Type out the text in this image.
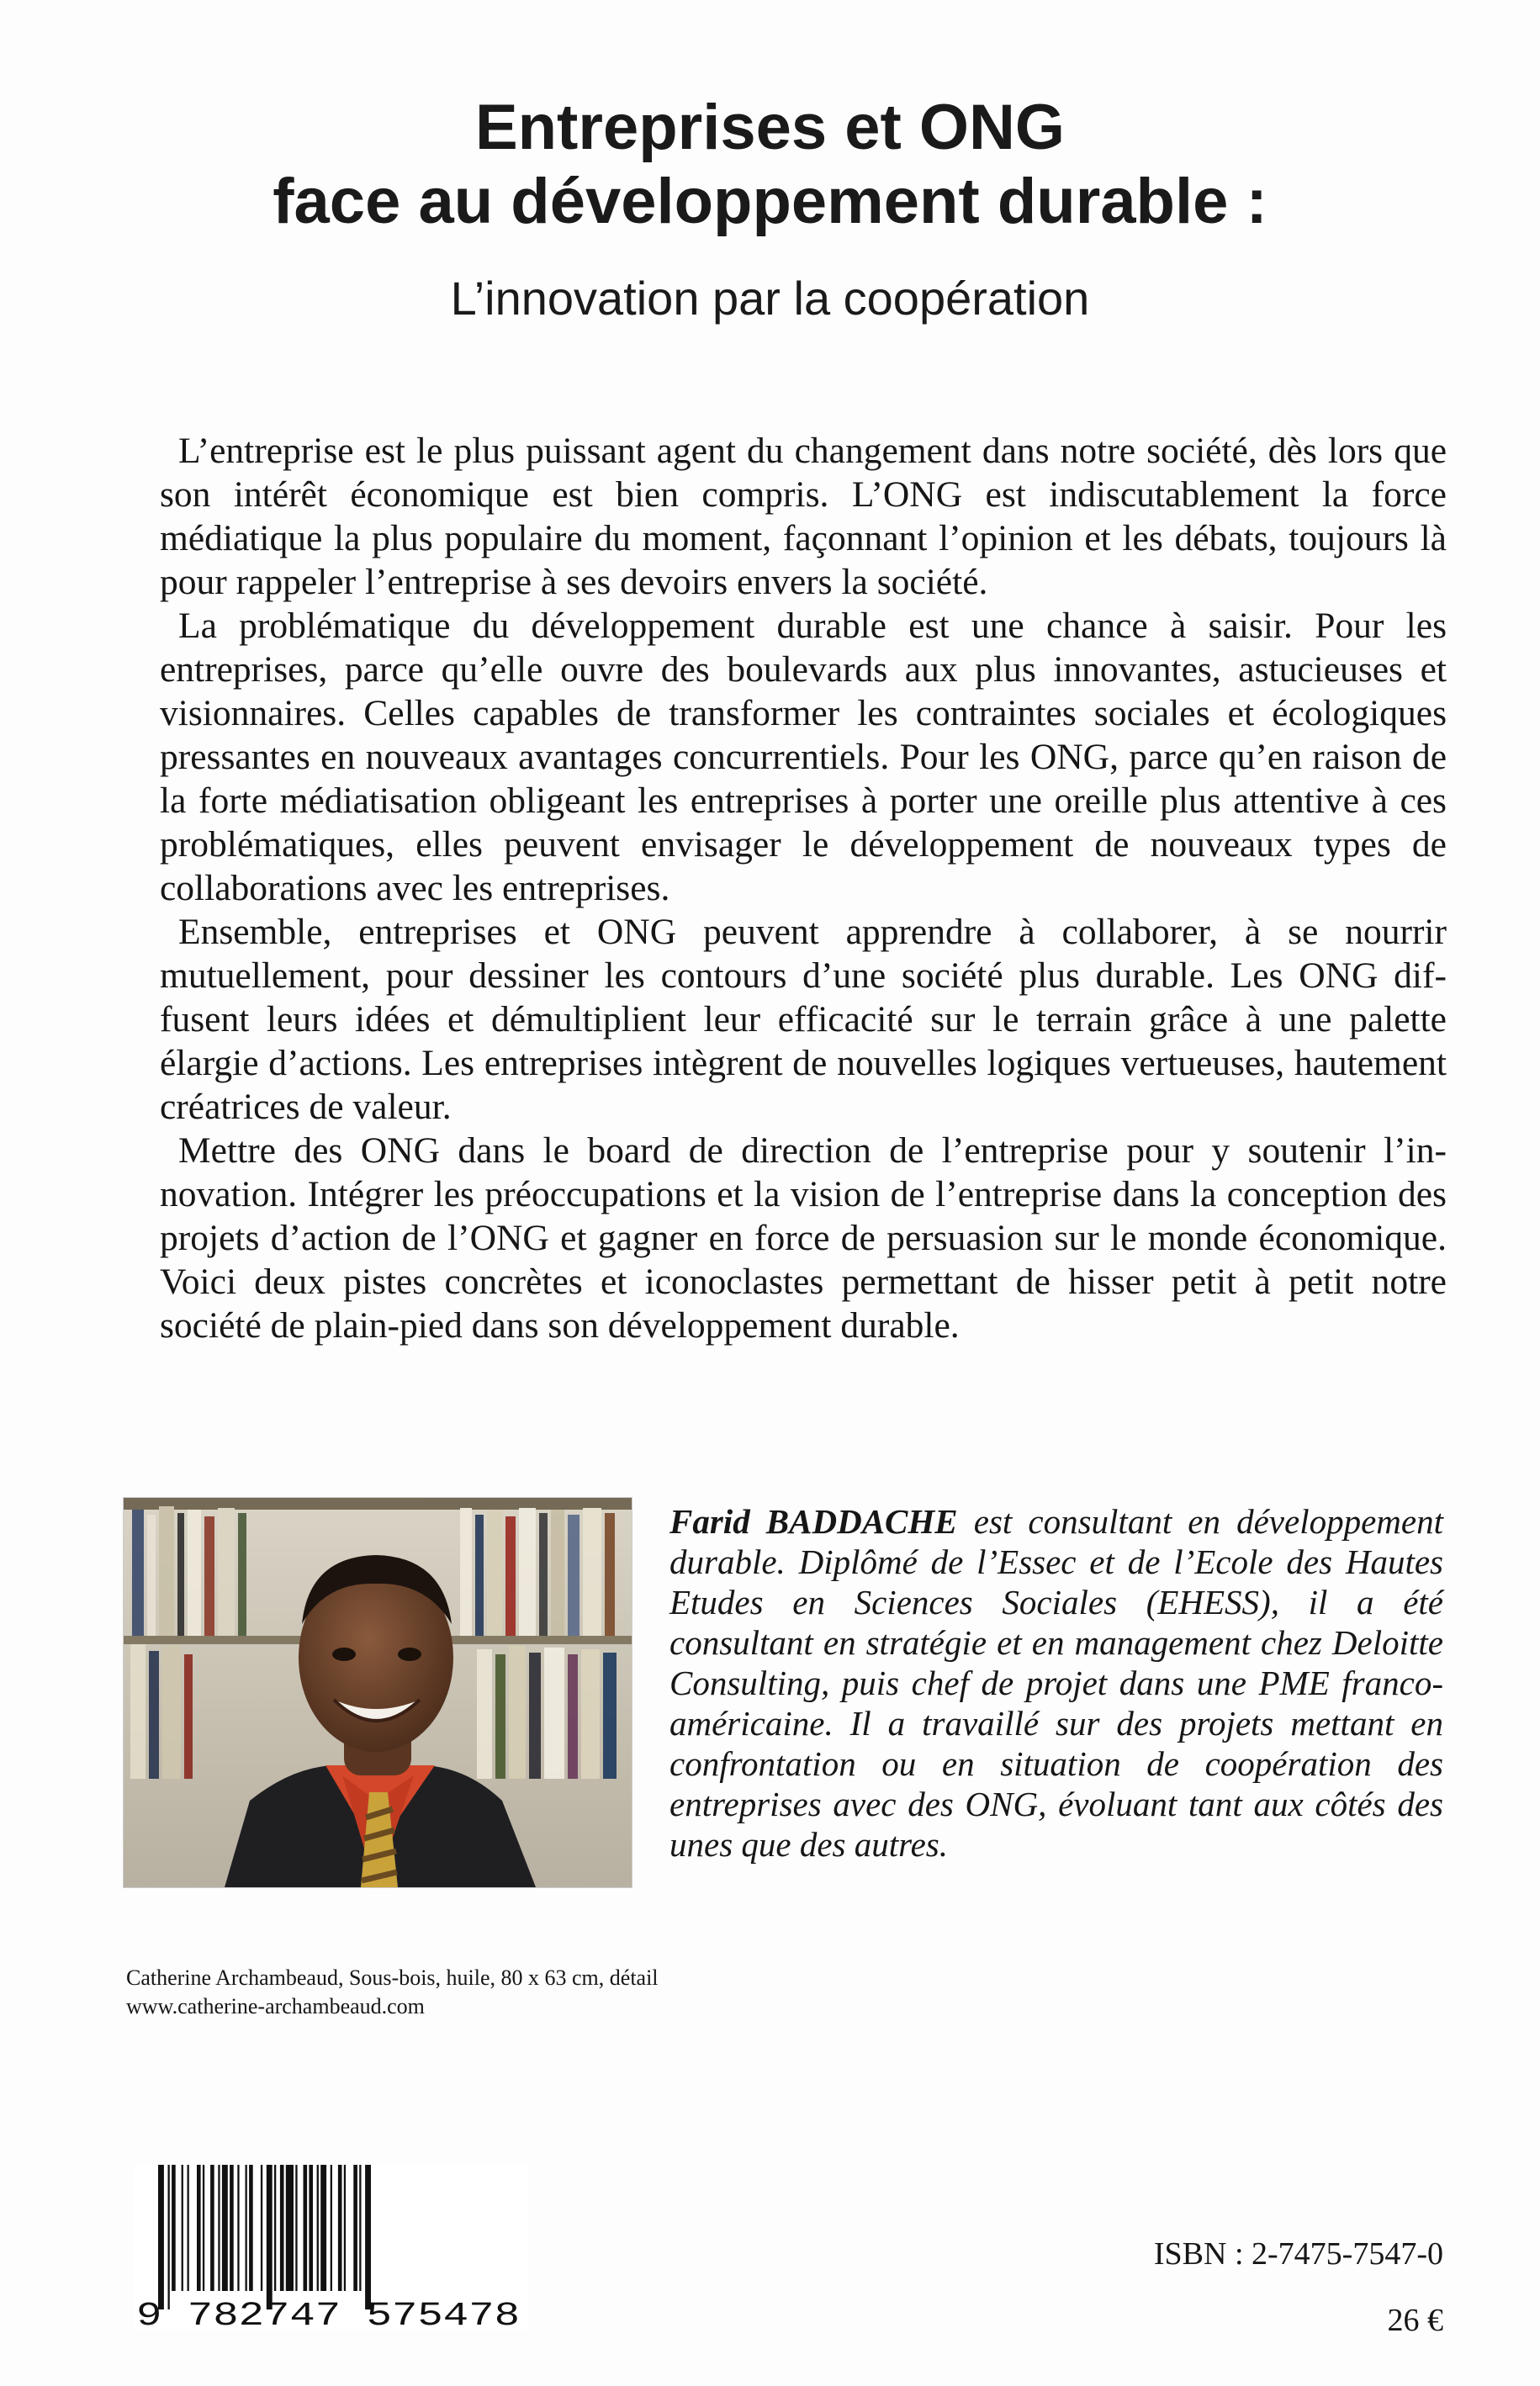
Entreprises et ONG
face au développement durable :
L’innovation par la coopération

L’entreprise est le plus puissant agent du changement dans notre société, dès lors que son intérêt économique est bien compris. L’ONG est indiscutablement la force médiatique la plus populaire du moment, façonnant l’opinion et les débats, toujours là pour rappeler l’entreprise à ses devoirs envers la société.

La problématique du développement durable est une chance à saisir. Pour les entreprises, parce qu’elle ouvre des boulevards aux plus innovantes, astucieuses et visionnaires. Celles capables de transformer les contraintes sociales et écologiques pressantes en nouveaux avantages concurrentiels. Pour les ONG, parce qu’en raison de la forte médiatisation obligeant les entreprises à porter une oreille plus attentive à ces problématiques, elles peuvent envisager le développement de nouveaux types de collaborations avec les entreprises.

Ensemble, entreprises et ONG peuvent apprendre à collaborer, à se nourrir mutuellement, pour dessiner les contours d’une société plus durable. Les ONG diffusent leurs idées et démultiplient leur efficacité sur le terrain grâce à une palette élargie d’actions. Les entreprises intègrent de nouvelles logiques vertueuses, hautement créatrices de valeur.

Mettre des ONG dans le board de direction de l’entreprise pour y soutenir l’innovation. Intégrer les préoccupations et la vision de l’entreprise dans la conception des projets d’action de l’ONG et gagner en force de persuasion sur le monde économique. Voici deux pistes concrètes et iconoclastes permettant de hisser petit à petit notre société de plain-pied dans son développement durable.

Farid BADDACHE est consultant en développement durable. Diplômé de l’Essec et de l’Ecole des Hautes Etudes en Sciences Sociales (EHESS), il a été consultant en stratégie et en management chez Deloitte Consulting, puis chef de projet dans une PME franco-américaine. Il a travaillé sur des projets mettant en confrontation ou en situation de coopération des entreprises avec des ONG, évoluant tant aux côtés des unes que des autres.
Catherine Archambeaud, Sous-bois, huile, 80 x 63 cm, détail
www.catherine-archambeaud.com
9 782747 575478
ISBN : 2-7475-7547-0
26 €
